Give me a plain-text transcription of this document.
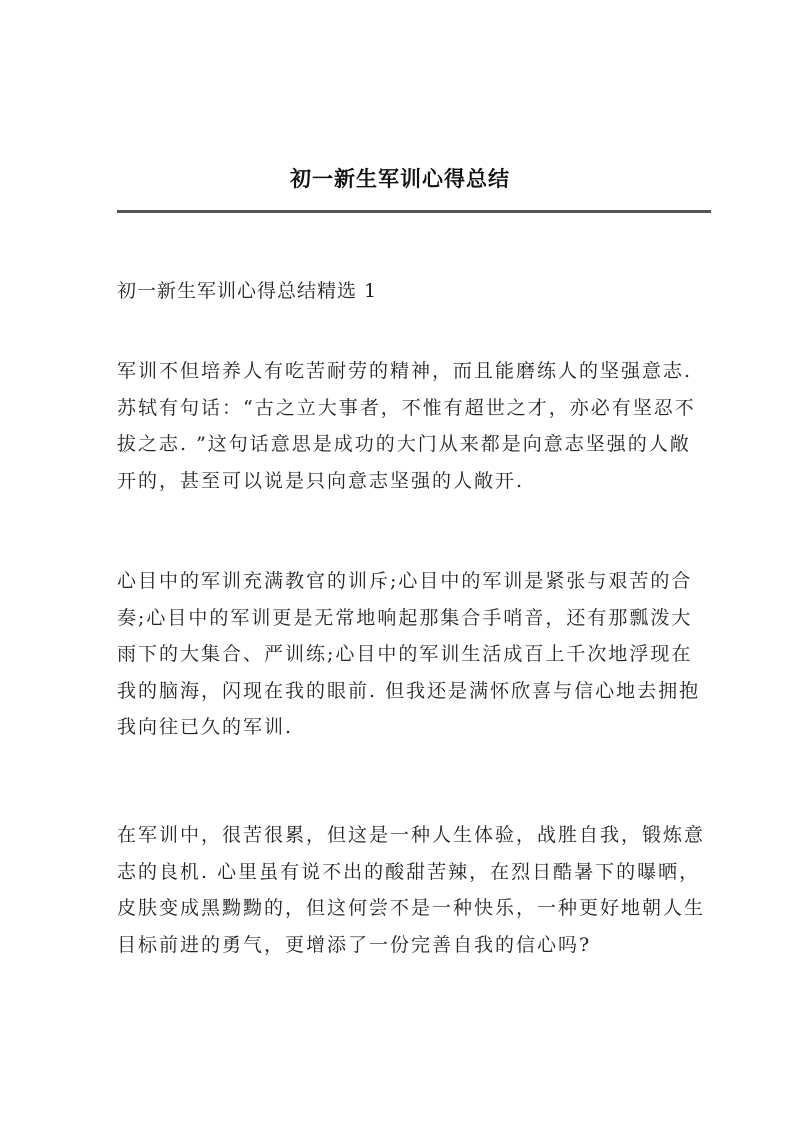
初一新生军训心得总结
初一新生军训心得总结精选 1
军训不但培养人有吃苦耐劳的精神，而且能磨练人的坚强意志.
苏轼有句话：“古之立大事者，不惟有超世之才，亦必有坚忍不
拔之志. ”这句话意思是成功的大门从来都是向意志坚强的人敞
开的，甚至可以说是只向意志坚强的人敞开.
心目中的军训充满教官的训斥;心目中的军训是紧张与艰苦的合
奏;心目中的军训更是无常地响起那集合手哨音，还有那瓢泼大
雨下的大集合、严训练;心目中的军训生活成百上千次地浮现在
我的脑海，闪现在我的眼前. 但我还是满怀欣喜与信心地去拥抱
我向往已久的军训.
在军训中，很苦很累，但这是一种人生体验，战胜自我，锻炼意
志的良机. 心里虽有说不出的酸甜苦辣，在烈日酷暑下的曝晒，
皮肤变成黑黝黝的，但这何尝不是一种快乐，一种更好地朝人生
目标前进的勇气，更增添了一份完善自我的信心吗?
